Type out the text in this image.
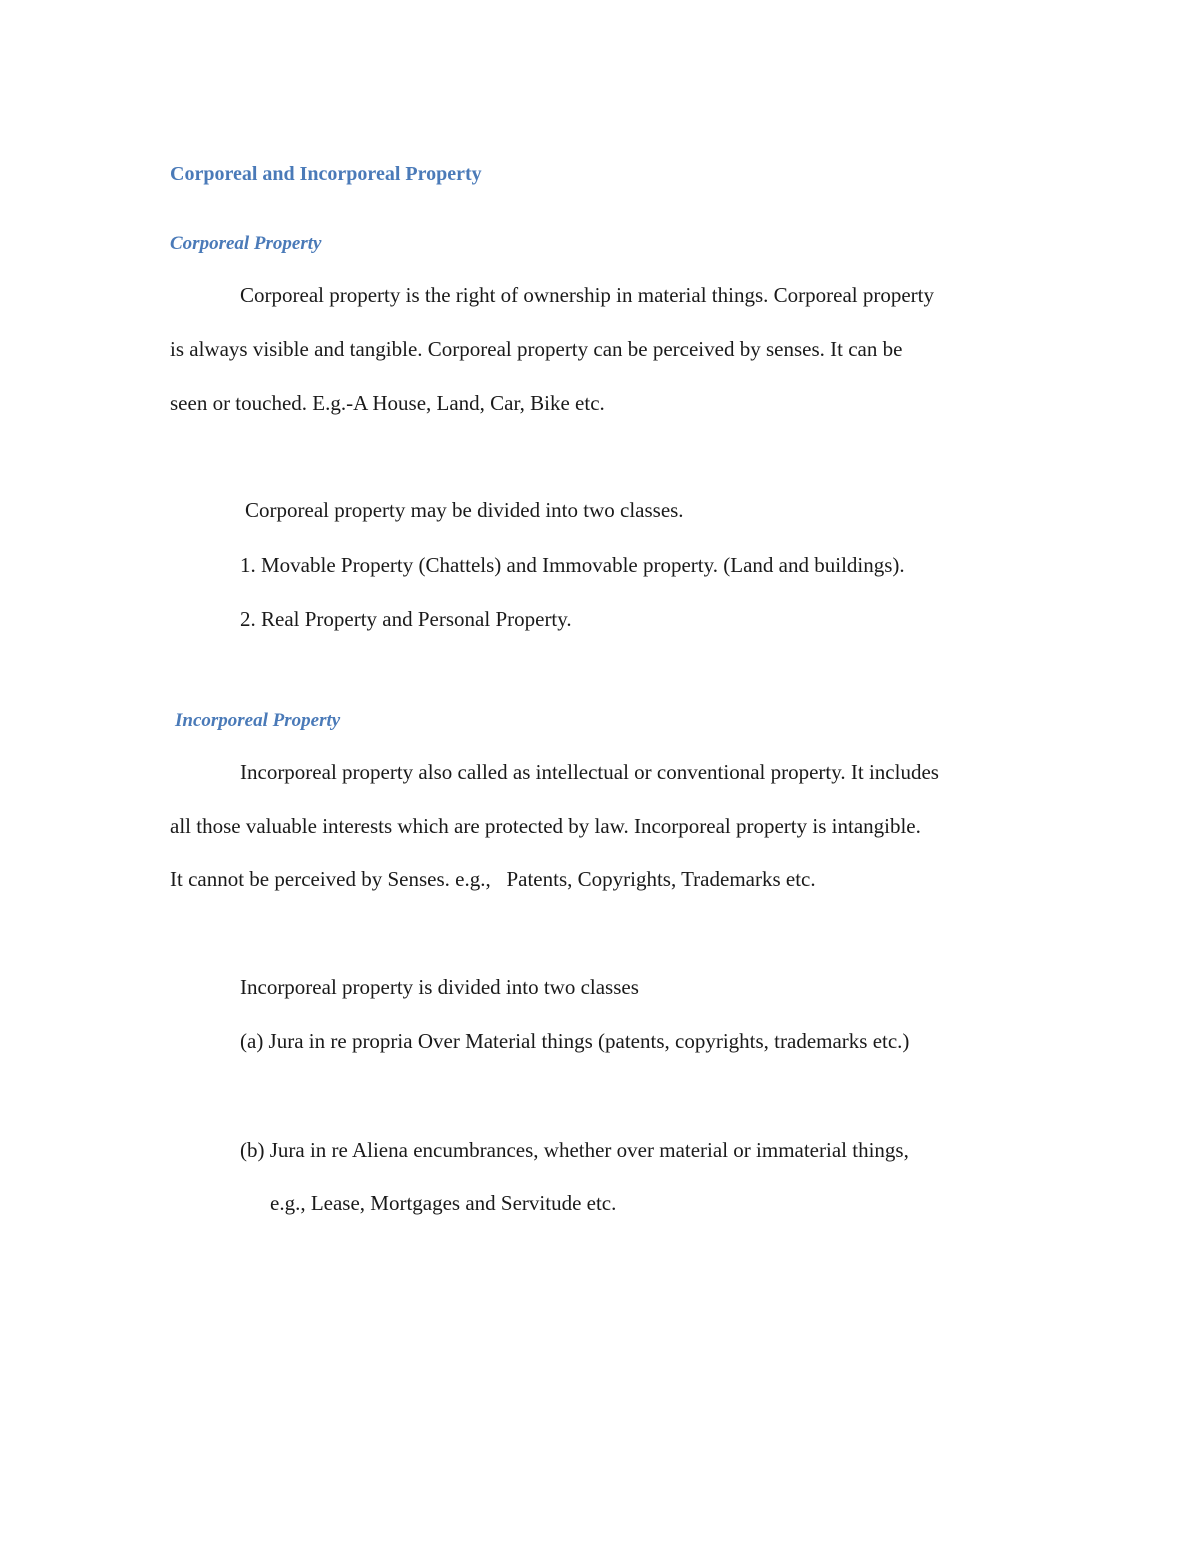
Corporeal and Incorporeal Property
Corporeal Property
Corporeal property is the right of ownership in material things. Corporeal property
is always visible and tangible. Corporeal property can be perceived by senses. It can be
seen or touched. E.g.-A House, Land, Car, Bike etc.
Corporeal property may be divided into two classes.
1. Movable Property (Chattels) and Immovable property. (Land and buildings).
2. Real Property and Personal Property.
Incorporeal Property
Incorporeal property also called as intellectual or conventional property. It includes
all those valuable interests which are protected by law. Incorporeal property is intangible.
It cannot be perceived by Senses. e.g.,   Patents, Copyrights, Trademarks etc.
Incorporeal property is divided into two classes
(a) Jura in re propria Over Material things (patents, copyrights, trademarks etc.)
(b) Jura in re Aliena encumbrances, whether over material or immaterial things,
e.g., Lease, Mortgages and Servitude etc.
